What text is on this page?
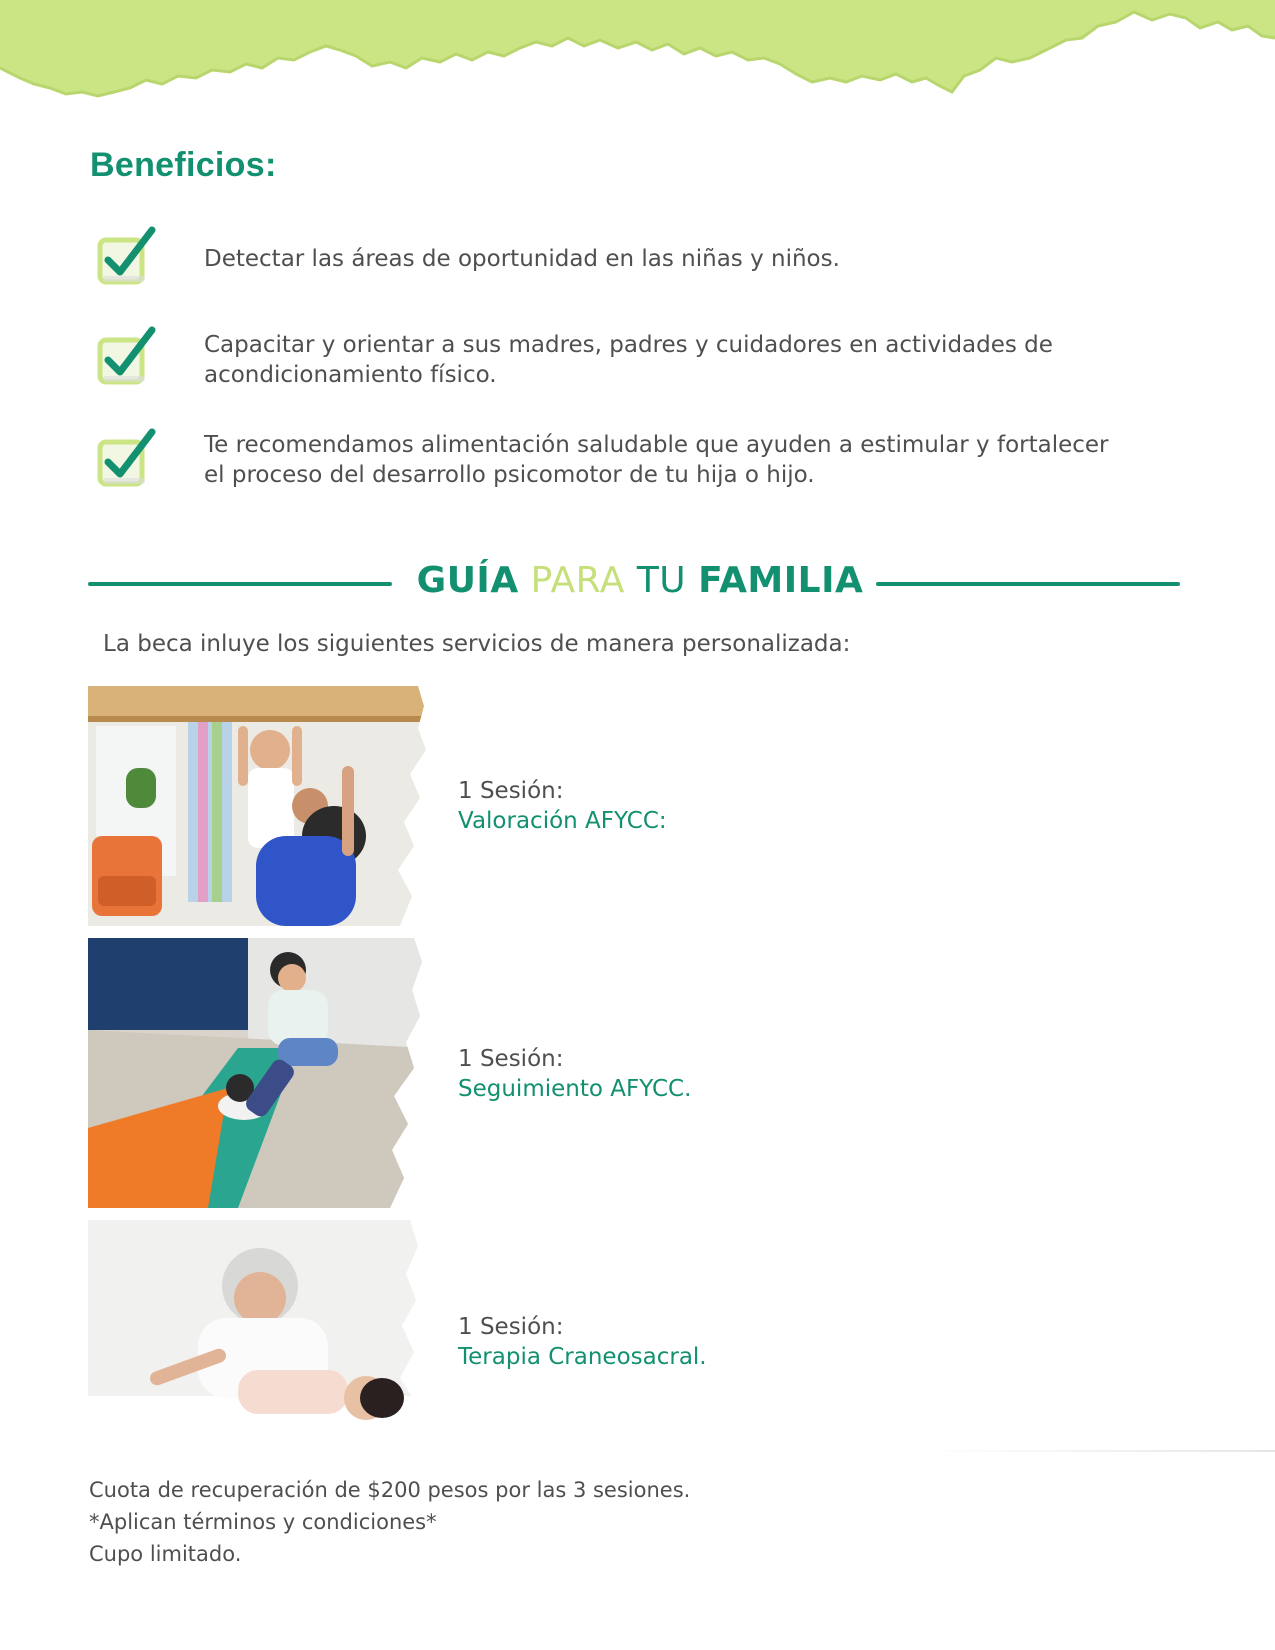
Beneficios:

Detectar las áreas de oportunidad en las niñas y niños.

Capacitar y orientar a sus madres, padres y cuidadores en actividades de acondicionamiento físico.

Te recomendamos alimentación saludable que ayuden a estimular y fortalecer el proceso del desarrollo psicomotor de tu hija o hijo.

GUÍA PARA TU FAMILIA

La beca inluye los siguientes servicios de manera personalizada:

1 Sesión:
Valoración AFYCC:
1 Sesión:
Seguimiento AFYCC.
1 Sesión:
Terapia Craneosacral.
Cuota de recuperación de $200 pesos por las 3 sesiones.
*Aplican términos y condiciones*
Cupo limitado.
